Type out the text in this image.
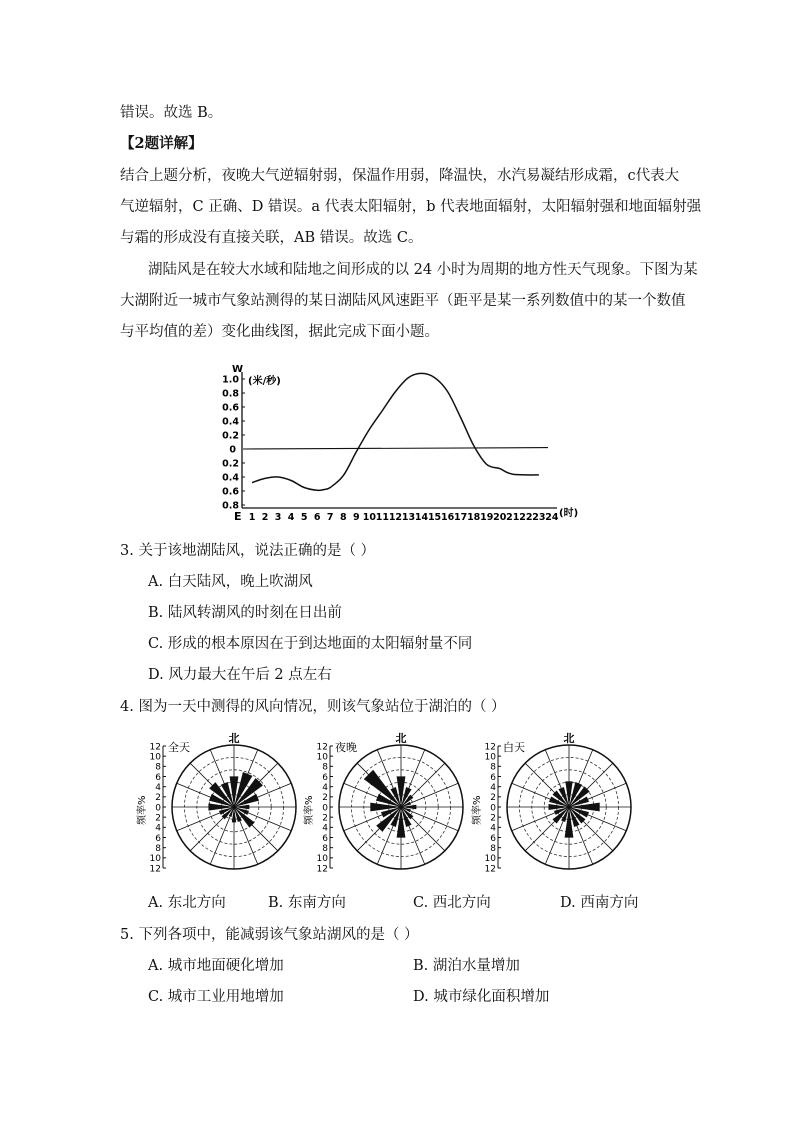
错误。故选 B。
【2题详解】
结合上题分析，夜晚大气逆辐射弱，保温作用弱，降温快，水汽易凝结形成霜，c代表大
气逆辐射，C 正确、D 错误。a 代表太阳辐射，b 代表地面辐射，太阳辐射强和地面辐射强
与霜的形成没有直接关联，AB 错误。故选 C。
湖陆风是在较大水域和陆地之间形成的以 24 小时为周期的地方性天气现象。下图为某
大湖附近一城市气象站测得的某日湖陆风风速距平（距平是某一系列数值中的某一个数值
与平均值的差）变化曲线图，据此完成下面小题。
W
(米/秒)
E	(时)
1.0
0.8
0.6
0.4
0.2
0
0.2
0.4
0.6
0.8
1 2 3 4 5 6 7 8 9 10 11 12 13 14 15 16 17 18 19 20 21 22 23 24
3. 关于该地湖陆风，说法正确的是（ ）
A. 白天陆风，晚上吹湖风
B. 陆风转湖风的时刻在日出前
C. 形成的根本原因在于到达地面的太阳辐射量不同
D. 风力最大在午后 2 点左右
4. 图为一天中测得的风向情况，则该气象站位于湖泊的（ ）
12
10
8
6
4
2
0
2
4
6
8
10
12
频率%
全天
北
12
10
8
6
4
2
0
2
4
6
8
10
12
频率%
夜晚
北
12
10
8
6
4
2
0
2
4
6
8
10
12
频率%
白天
北
A. 东北方向	B. 东南方向	C. 西北方向	D. 西南方向
5. 下列各项中，能减弱该气象站湖风的是（ ）
A. 城市地面硬化增加	B. 湖泊水量增加
C. 城市工业用地增加	D. 城市绿化面积增加
